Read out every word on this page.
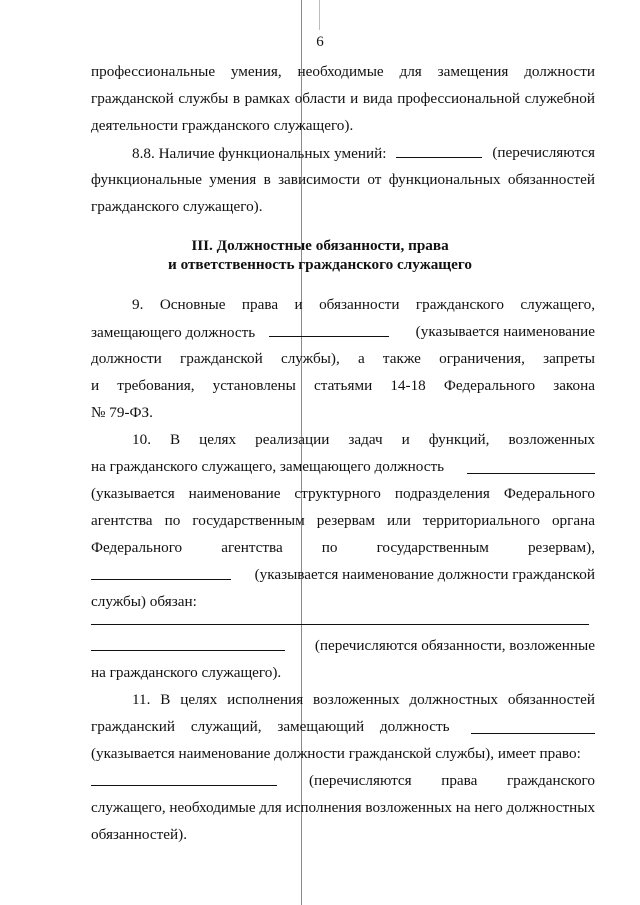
6
профессиональные умения, необходимые для замещения должности
гражданской службы в рамках области и вида профессиональной служебной
деятельности гражданского служащего).
8.8. Наличие функциональных умений:	(перечисляются
функциональные умения в зависимости от функциональных обязанностей
гражданского служащего).
III. Должностные обязанности, права
и ответственность гражданского служащего
9. Основные права и обязанности гражданского служащего,
замещающего должность	(указывается наименование
должности гражданской службы), а также ограничения, запреты
и требования, установлены статьями 14-18 Федерального закона
№ 79-ФЗ.
10. В целях реализации задач и функций, возложенных
на гражданского служащего, замещающего должность
(указывается наименование структурного подразделения Федерального
агентства по государственным резервам или территориального органа
Федерального агентства по государственным резервам),
(указывается наименование должности гражданской
службы) обязан:
(перечисляются обязанности, возложенные
на гражданского служащего).
11. В целях исполнения возложенных должностных обязанностей
гражданский служащий, замещающий должность
(указывается наименование должности гражданской службы), имеет право:
(перечисляются права гражданского
служащего, необходимые для исполнения возложенных на него должностных
обязанностей).
